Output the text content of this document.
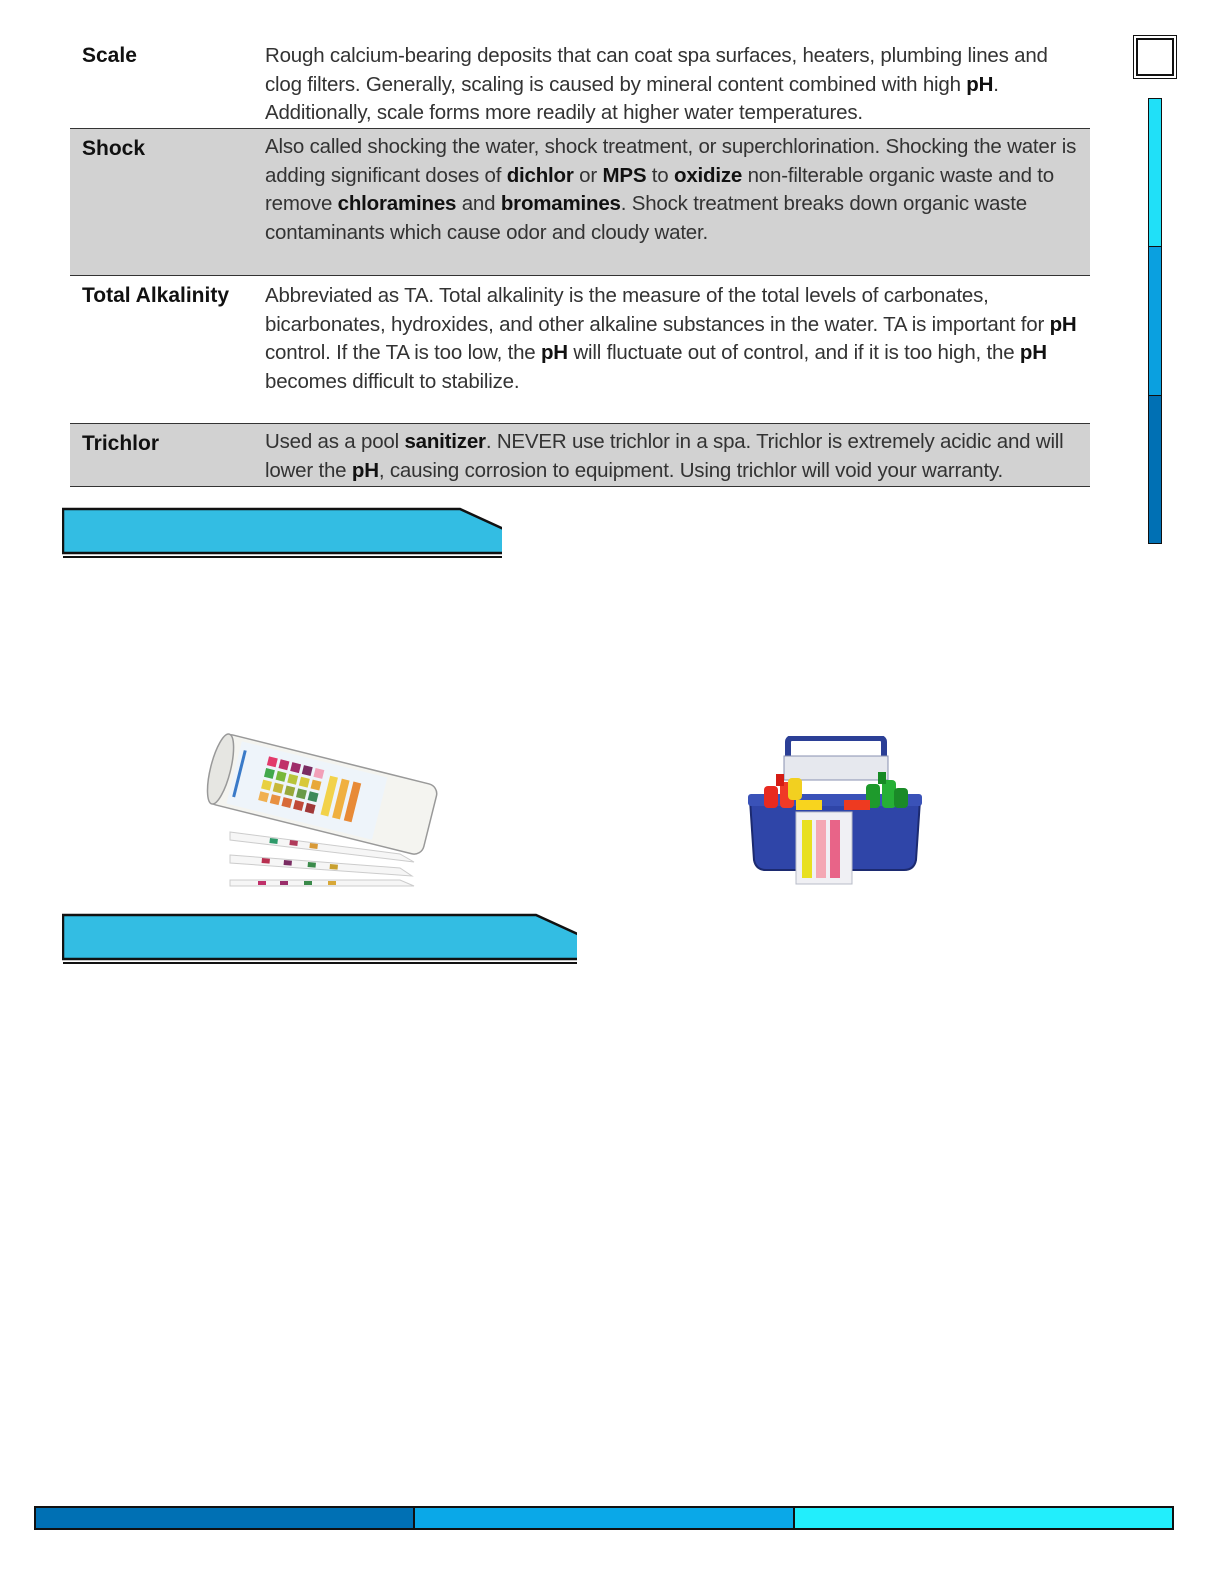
Scale	Rough calcium-bearing deposits that can coat spa surfaces, heaters, plumbing lines and clog filters. Generally, scaling is caused by mineral content combined with high pH. Additionally, scale forms more readily at higher water temperatures.
Shock	Also called shocking the water, shock treatment, or superchlorination. Shocking the water is adding significant doses of dichlor or MPS to oxidize non-filterable organic waste and to remove chloramines and bromamines. Shock treatment breaks down organic waste contaminants which cause odor and cloudy water.
Total Alkalinity	Abbreviated as TA. Total alkalinity is the measure of the total levels of carbonates, bicarbonates, hydroxides, and other alkaline substances in the water. TA is important for pH control. If the TA is too low, the pH will fluctuate out of control, and if it is too high, the pH becomes difficult to stabilize.
Trichlor	Used as a pool sanitizer. NEVER use trichlor in a spa. Trichlor is extremely acidic and will lower the pH, causing corrosion to equipment. Using trichlor will void your warranty.
